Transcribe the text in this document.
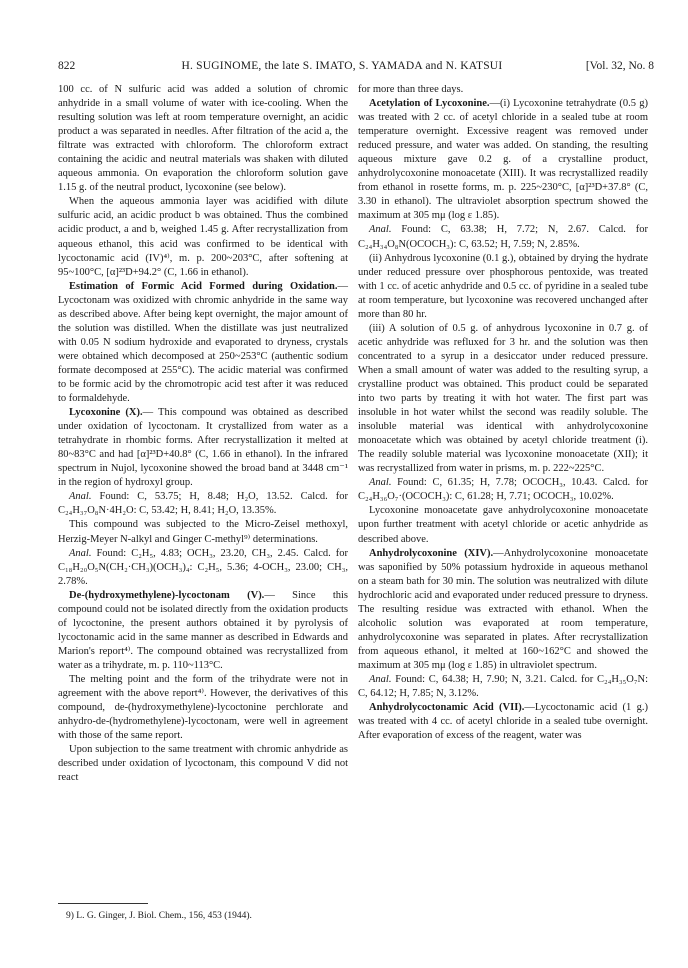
822	H. SUGINOME, the late S. IMATO, S. YAMADA and N. KATSUI	[Vol. 32, No. 8

100 cc. of N sulfuric acid was added a solution of chromic anhydride in a small volume of water with ice-cooling. When the resulting solution was left at room temperature overnight, an acidic product a was separated in needles. After filtration of the acid a, the filtrate was extracted with chloroform. The chloroform extract containing the acidic and neutral materials was shaken with diluted aqueous ammonia. On evaporation the chloroform solution gave 1.15 g. of the neutral product, lycoxonine (see below).

When the aqueous ammonia layer was acidified with dilute sulfuric acid, an acidic product b was obtained. Thus the combined acidic product, a and b, weighed 1.45 g. After recrystallization from aqueous ethanol, this acid was confirmed to be identical with lycoctonamic acid (IV)⁴⁾, m. p. 200~203°C, after softening at 95~100°C, [α]²³D+94.2° (C, 1.66 in ethanol).

Estimation of Formic Acid Formed during Oxidation.— Lycoctonam was oxidized with chromic anhydride in the same way as described above. After being kept overnight, the major amount of the solution was distilled. When the distillate was just neutralized with 0.05 N sodium hydroxide and evaporated to dryness, crystals were obtained which decomposed at 250~253°C (authentic sodium formate decomposed at 255°C). The acidic material was confirmed to be formic acid by the chromotropic acid test after it was reduced to formaldehyde.

Lycoxonine (X).— This compound was obtained as described under oxidation of lycoctonam. It crystallized from water as a tetrahydrate in rhombic forms. After recrystallization it melted at 80~83°C and had [α]²³D+40.8° (C, 1.66 in ethanol). In the infrared spectrum in Nujol, lycoxonine showed the broad band at 3448 cm⁻¹ in the region of hydroxyl group.

Anal. Found: C, 53.75; H, 8.48; H₂O, 13.52. Calcd. for C₂₄H₃₇O₈N·4H₂O: C, 53.42; H, 8.41; H₂O, 13.35%.

This compound was subjected to the Micro-Zeisel methoxyl, Herzig-Meyer N-alkyl and Ginger C-methyl⁹⁾ determinations.

Anal. Found: C₂H₅, 4.83; OCH₃, 23.20, CH₃, 2.45. Calcd. for C₁₈H₂₀O₅N(CH₂·CH₃)(OCH₃)₄: C₂H₅, 5.36; 4-OCH₃, 23.00; CH₃, 2.78%.

De-(hydroxymethylene)-lycoctonam (V).— Since this compound could not be isolated directly from the oxidation products of lycoctonine, the present authors obtained it by pyrolysis of lycoctonamic acid in the same manner as described in Edwards and Marion's report⁴⁾. The compound obtained was recrystallized from water as a trihydrate, m. p. 110~113°C.

The melting point and the form of the trihydrate were not in agreement with the above report⁴⁾. However, the derivatives of this compound, de-(hydroxymethylene)-lycoctonine perchlorate and anhydro-de-(hydromethylene)-lycoctonam, were well in agreement with those of the same report.

Upon subjection to the same treatment with chromic anhydride as described under oxidation of lycoctonam, this compound V did not react

9) L. G. Ginger, J. Biol. Chem., 156, 453 (1944).

for more than three days.

Acetylation of Lycoxonine.—(i) Lycoxonine tetrahydrate (0.5 g) was treated with 2 cc. of acetyl chloride in a sealed tube at room temperature overnight. Excessive reagent was removed under reduced pressure, and water was added. On standing, the resulting aqueous mixture gave 0.2 g. of a crystalline product, anhydrolycoxonine monoacetate (XIII). It was recrystallized readily from ethanol in rosette forms, m. p. 225~230°C, [α]²³D+37.8° (C, 3.30 in ethanol). The ultraviolet absorption spectrum showed the maximum at 305 mμ (log ε 1.85).

Anal. Found: C, 63.38; H, 7.72; N, 2.67. Calcd. for C₂₄H₃₄O₈N(OCOCH₃): C, 63.52; H, 7.59; N, 2.85%.

(ii) Anhydrous lycoxonine (0.1 g.), obtained by drying the hydrate under reduced pressure over phosphorous pentoxide, was treated with 1 cc. of acetic anhydride and 0.5 cc. of pyridine in a sealed tube at room temperature, but lycoxonine was recovered unchanged after more than 80 hr.

(iii) A solution of 0.5 g. of anhydrous lycoxonine in 0.7 g. of acetic anhydride was refluxed for 3 hr. and the solution was then concentrated to a syrup in a desiccator under reduced pressure. When a small amount of water was added to the resulting syrup, a crystalline product was obtained. This product could be separated into two parts by treating it with hot water. The first part was insoluble in hot water whilst the second was readily soluble. The insoluble material was identical with anhydrolycoxonine monoacetate which was obtained by acetyl chloride treatment (i). The readily soluble material was lycoxonine monoacetate (XII); it was recrystallized from water in prisms, m. p. 222~225°C.

Anal. Found: C, 61.35; H, 7.78; OCOCH₃, 10.43. Calcd. for C₂₄H₃₆O₇·(OCOCH₃): C, 61.28; H, 7.71; OCOCH₃, 10.02%.

Lycoxonine monoacetate gave anhydrolycoxonine monoacetate upon further treatment with acetyl chloride or acetic anhydride as described above.

Anhydrolycoxonine (XIV).—Anhydrolycoxonine monoacetate was saponified by 50% potassium hydroxide in aqueous methanol on a steam bath for 30 min. The solution was neutralized with dilute hydrochloric acid and evaporated under reduced pressure to dryness. The resulting residue was extracted with ethanol. When the alcoholic solution was evaporated at room temperature, anhydrolycoxonine was separated in plates. After recrystallization from aqueous ethanol, it melted at 160~162°C and showed the maximum at 305 mμ (log ε 1.85) in ultraviolet spectrum.

Anal. Found: C, 64.38; H, 7.90; N, 3.21. Calcd. for C₂₄H₃₅O₇N: C, 64.12; H, 7.85; N, 3.12%.

Anhydrolycoctonamic Acid (VII).—Lycoctonamic acid (1 g.) was treated with 4 cc. of acetyl chloride in a sealed tube overnight. After evaporation of excess of the reagent, water was
